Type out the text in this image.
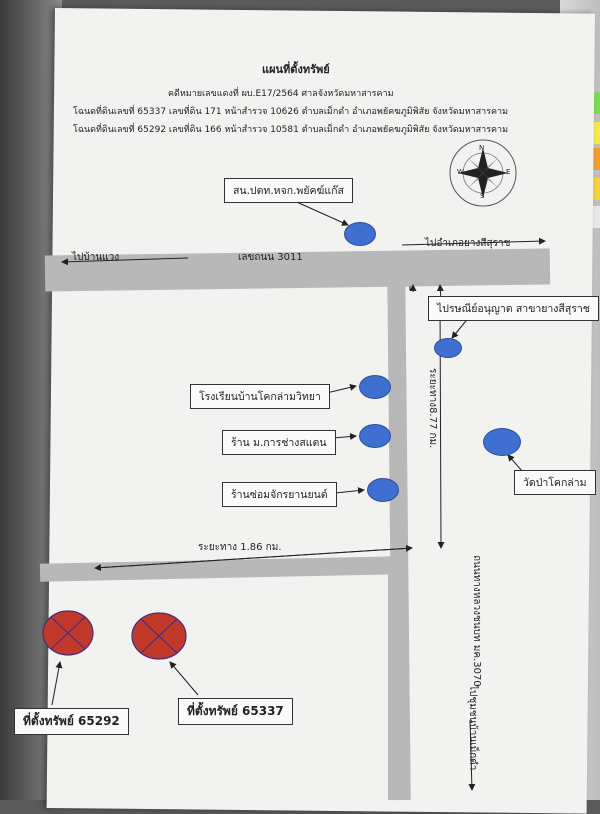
แผนที่ตั้งทรัพย์
คดีหมายเลขแดงที่ ผบ.E17/2564 ศาลจังหวัดมหาสารคาม
โฉนดที่ดินเลขที่ 65337 เลขที่ดิน 171 หน้าสำรวจ 10626 ตำบลเม็กดำ อำเภอพยัคฆภูมิพิสัย จังหวัดมหาสารคาม
โฉนดที่ดินเลขที่ 65292 เลขที่ดิน 166 หน้าสำรวจ 10581 ตำบลเม็กดำ อำเภอพยัคฆภูมิพิสัย จังหวัดมหาสารคาม
N
S
W	E
ไปบ้านแวง	เลขถนน 3011
ไปอำเภอยางสีสุราช
ระยะทาง 1.86 กม.
ระยะทาง8.77 กม.
ถนนทางหลวงชนบท มค.3070
ไปชุมชนบ้านเม็กดำ
สน.ปตท.หจก.พยัคฆ์แก๊ส
ไปรษณีย์อนุญาต สาขายางสีสุราช
โรงเรียนบ้านโคกล่ามวิทยา
ร้าน ม.การช่างสแตน
ร้านซ่อมจักรยานยนต์
วัดป่าโคกล่าม
ที่ตั้งทรัพย์ 65292
ที่ตั้งทรัพย์ 65337
